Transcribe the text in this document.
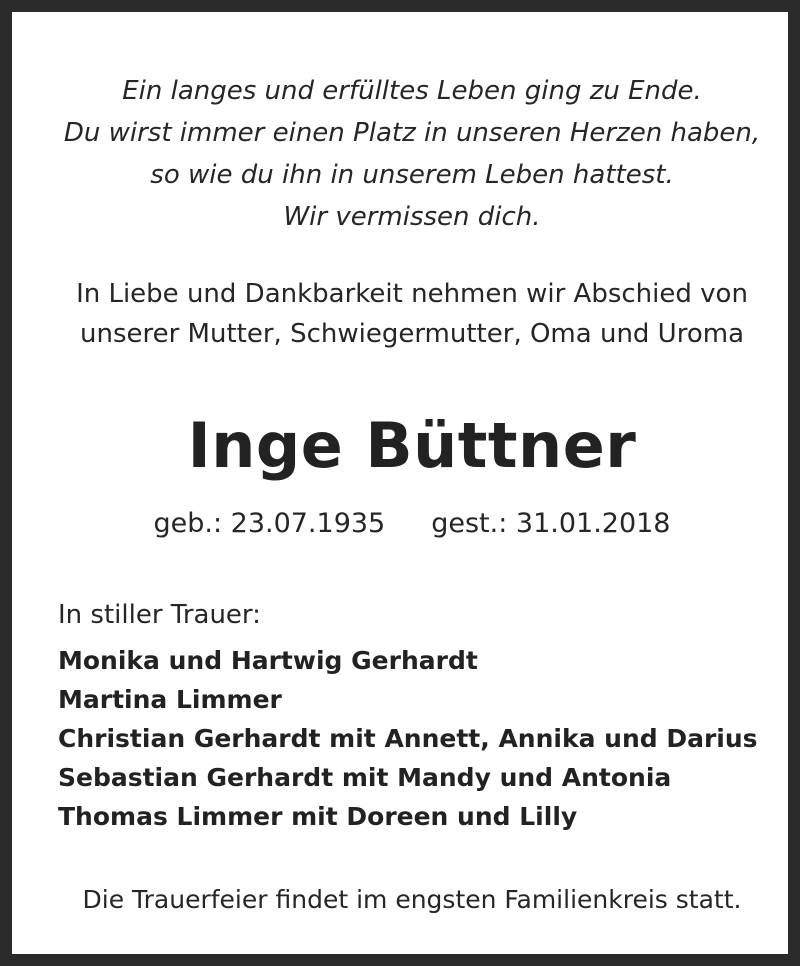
Ein langes und erfülltes Leben ging zu Ende.
Du wirst immer einen Platz in unseren Herzen haben,
so wie du ihn in unserem Leben hattest.
Wir vermissen dich.
In Liebe und Dankbarkeit nehmen wir Abschied von
unserer Mutter, Schwiegermutter, Oma und Uroma
Inge Büttner
geb.: 23.07.1935 gest.: 31.01.2018
In stiller Trauer:
Monika und Hartwig Gerhardt
Martina Limmer
Christian Gerhardt mit Annett, Annika und Darius
Sebastian Gerhardt mit Mandy und Antonia
Thomas Limmer mit Doreen und Lilly
Die Trauerfeier findet im engsten Familienkreis statt.
